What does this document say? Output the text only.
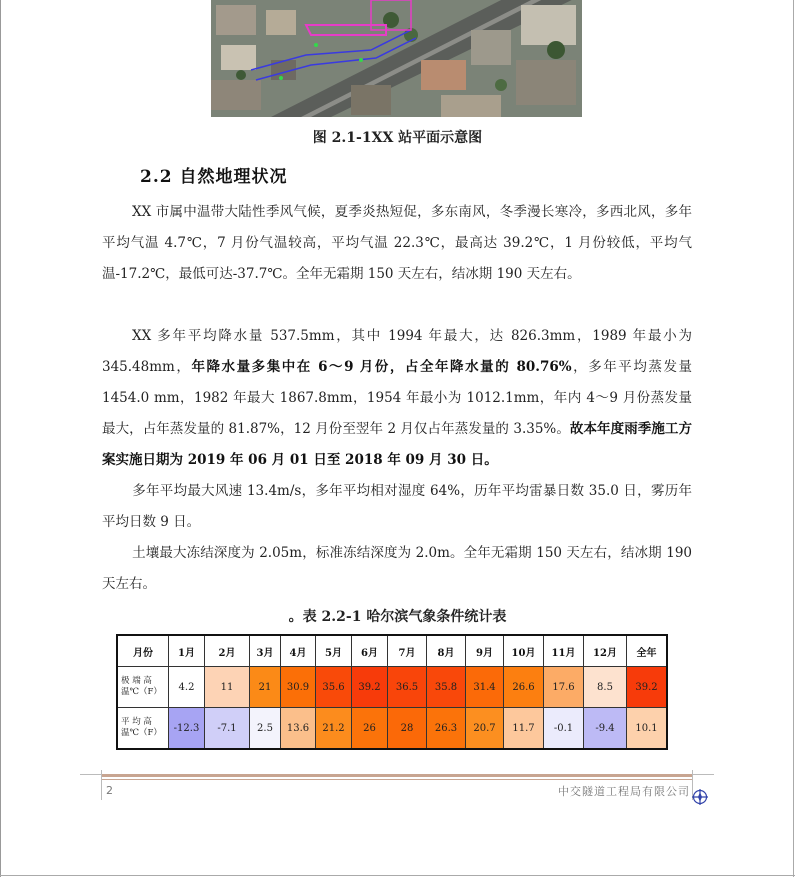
图 2.1-1XX 站平面示意图
2.2 自然地理状况

XX 市属中温带大陆性季风气候，夏季炎热短促，多东南风，冬季漫长寒冷，多西北风，多年平均气温 4.7℃，7 月份气温较高，平均气温 22.3℃，最高达 39.2℃，1 月份较低，平均气温-17.2℃，最低可达-37.7℃。全年无霜期 150 天左右，结冰期 190 天左右。

XX 多年平均降水量 537.5mm，其中 1994 年最大，达 826.3mm，1989 年最小为 345.48mm，年降水量多集中在 6～9 月份，占全年降水量的 80.76%，多年平均蒸发量 1454.0 mm，1982 年最大 1867.8mm，1954 年最小为 1012.1mm，年内 4～9 月份蒸发量最大，占年蒸发量的 81.87%，12 月份至翌年 2 月仅占年蒸发量的 3.35%。故本年度雨季施工方案实施日期为 2019 年 06 月 01 日至 2018 年 09 月 30 日。

多年平均最大风速 13.4m/s，多年平均相对湿度 64%，历年平均雷暴日数 35.0 日，雾历年平均日数 9 日。

土壤最大冻结深度为 2.05m，标准冻结深度为 2.0m。全年无霜期 150 天左右，结冰期 190 天左右。

。表 2.2-1 哈尔滨气象条件统计表
月份	1月	2月	3月	4月	5月	6月	7月	8月	9月	10月	11月	12月	全年
极 端 高温℃（F）	4.2	11	21	30.9	35.6	39.2	36.5	35.8	31.4	26.6	17.6	8.5	39.2
平 均 高温℃（F）	-12.3	-7.1	2.5	13.6	21.2	26	28	26.3	20.7	11.7	-0.1	-9.4	10.1
2	中交隧道工程局有限公司
